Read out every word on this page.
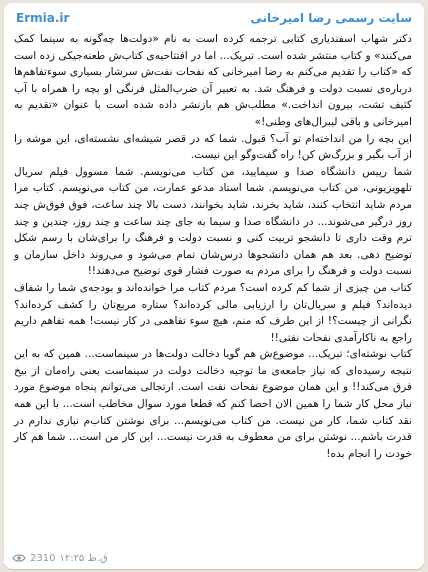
Ermia.ir	سایت رسمی رضا امیرخانی

دکتر شهاب اسفندیاری کتابی ترجمه کرده است به نام «دولت‌ها چه‌گونه به سینما کمک می‌کنند» و کتاب منتشر شده است. تبریک... اما در افتتاحیه‌ی کتاب‌ش طعنه‌جیکی زده است که «کتاب را تقدیم می‌کنم به رضا امیرخانی که نفحات نفت‌ش سرشار بسیاری سوءتفاهم‌ها درباره‌ی نسبت دولت و فرهنگ شد. به تعبیر آن ضرب‌المثل فرنگی او بچه را همراه با آب کثیف تشت، بیرون انداخت.» مطلب‌ش هم بازنشر داده شده است با عنوان «تقدیم به امیرخانی و باقی لیبرال‌های وطنی!»

این بچه را من انداخته‌ام تو آب؟ قبول. شما که در قصر شیشه‌ای نشسته‌ای، این موشه را از آب بگیر و بزرگ‌ش کن! راه گفت‌وگو این نیست.

شما رییس دانشگاه صدا و سیمایید، من کتاب می‌نویسم. شما مسوول فیلم سریال تلهویزیونی، من کتاب می‌نویسم. شما استاد مدعو عمارت، من کتاب می‌نویسم. کتاب مرا مردم شاید انتخاب کنند، شاید بخرند، شاید بخوانند، دست بالا چند ساعت، فوق‌ فوق‌ش چند روز درگیر می‌شوند... در دانشگاه صدا و سیما به جای چند ساعت و چند روز، چندین و چند ترم وقت داری تا دانشجو تربیت کنی و نسبت دولت و فرهنگ را برای‌شان با رسم شکل توضیح دهی. بعد هم همان دانشجوها درس‌شان تمام می‌شود و می‌روند داخل سازمان و نسبت دولت و فرهنگ را برای مردم به صورت فشار قوی توضیح می‌دهند!!

کتاب من چیزی از شما کم کرده است؟ مردم کتاب مرا خوانده‌اند و بودجه‌ی شما را شفاف دیده‌اند؟ فیلم و سریال‌تان را ارزیابی مالی کرده‌اند؟ ستاره مربع‌تان را کشف کرده‌اند؟ نگرانی از چیست؟! از این طرف که منم، هیچ سوء تفاهمی در کار نیست! همه تفاهم داریم راجع به ناکارآمدی نفحات نفتی!!

کتاب نوشته‌ای؛ تبریک... موضوع‌ش هم گویا دخالت دولت‌ها در سینماست... همین که به این نتیجه رسیده‌ای که نیاز جامعه‌ی ما توجیه دخالت دولت در سینماست یعنی راه‌مان از بیخ فرق می‌کند!! و این همان موضوع نفحات نفت است. ارتجالی می‌توانم پنجاه موضوع مورد نیاز محل کار شما را همین الان احصا کنم که قطعا مورد سوال مخاطب است... با این همه نقد کتاب شما، کار من نیست. من کتاب می‌نویسم... برای نوشتن کتاب‌م نیازی ندارم در قدرت باشم... نوشتن برای من معطوف به قدرت نیست... این کار من است... شما هم کار خودت را انجام بده!

ق.ظ ۱۲:۲۵
2310
